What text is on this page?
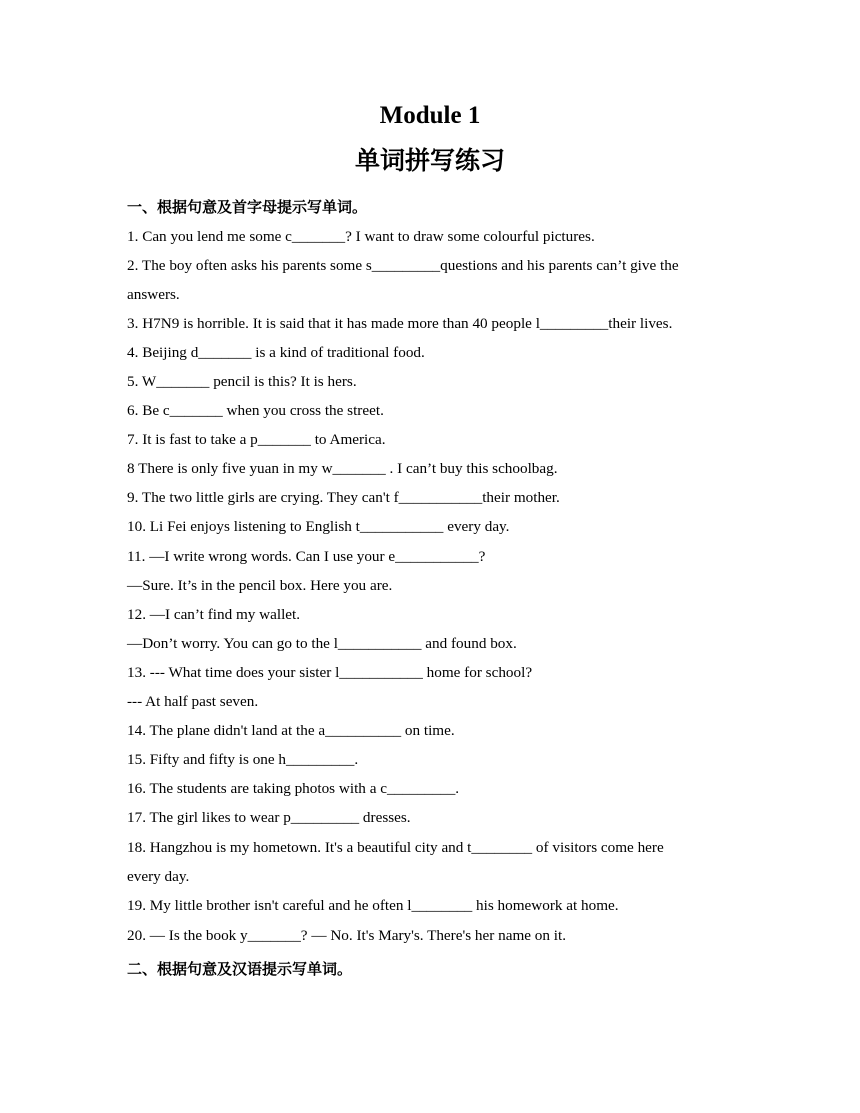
Module 1
单词拼写练习

一、根据句意及首字母提示写单词。

1. Can you lend me some c_______? I want to draw some colourful pictures.

2. The boy often asks his parents some s_________questions and his parents can’t give the

answers.

3. H7N9 is horrible. It is said that it has made more than 40 people l_________their lives.

4. Beijing d_______ is a kind of traditional food.

5. W_______ pencil is this? It is hers.

6. Be c_______ when you cross the street.

7. It is fast to take a p_______ to America.

8 There is only five yuan in my w_______ . I can’t buy this schoolbag.

9. The two little girls are crying. They can't f___________their mother.

10. Li Fei enjoys listening to English t___________ every day.

11. —I write wrong words. Can I use your e___________?

—Sure. It’s in the pencil box. Here you are.

12. —I can’t find my wallet.

—Don’t worry. You can go to the l___________ and found box.

13. --- What time does your sister l___________ home for school?

--- At half past seven.

14. The plane didn't land at the a__________ on time.

15. Fifty and fifty is one h_________.

16. The students are taking photos with a c_________.

17. The girl likes to wear p_________ dresses.

18. Hangzhou is my hometown. It's a beautiful city and t________ of visitors come here

every day.

19. My little brother isn't careful and he often l________ his homework at home.

20. — Is the book y_______? — No. It's Mary's. There's her name on it.

二、根据句意及汉语提示写单词。
